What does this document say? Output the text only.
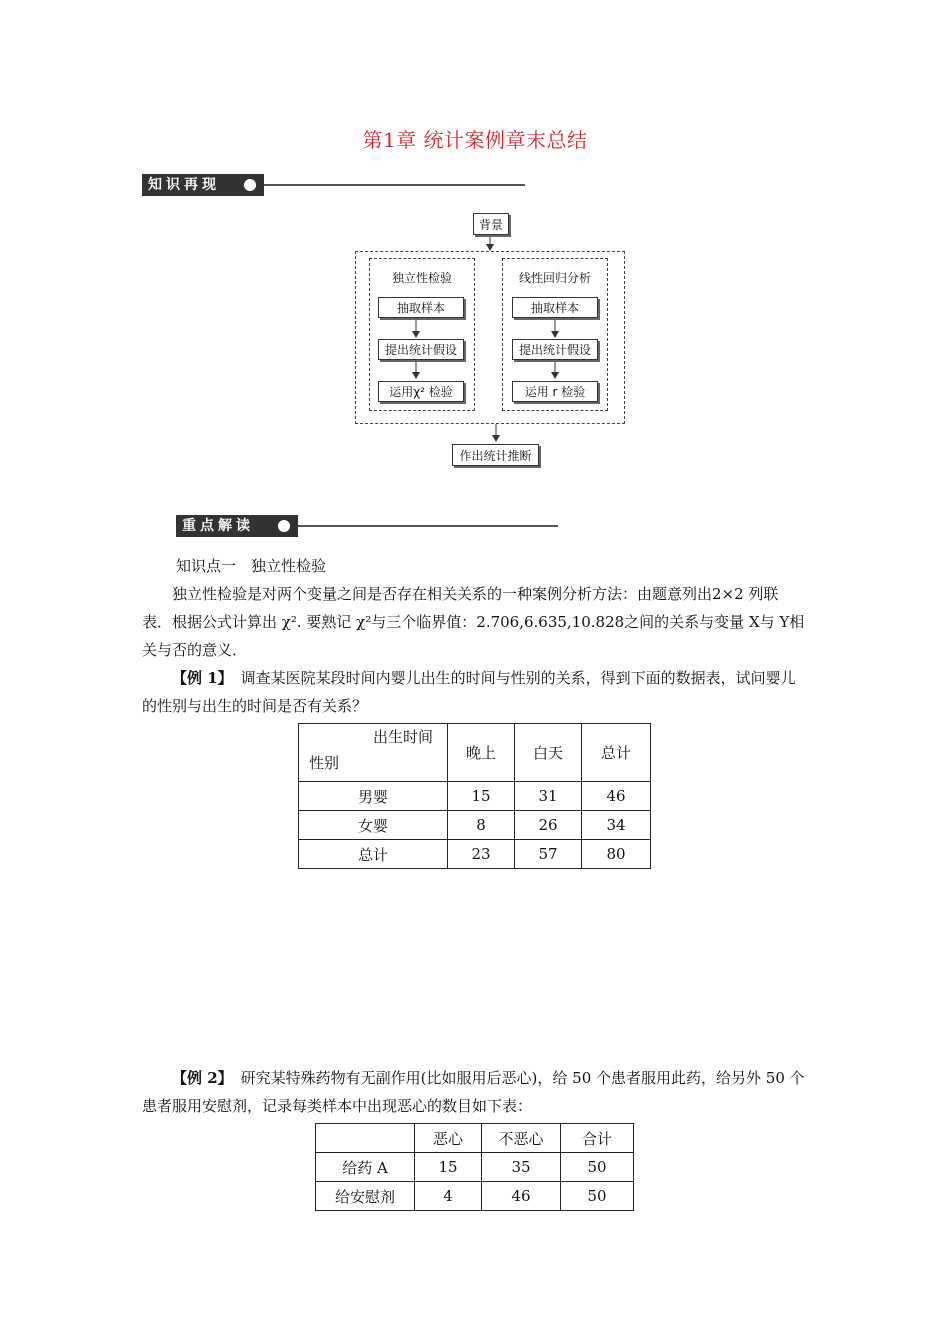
第1章 统计案例章末总结
知识再现
背景
独立性检验	线性回归分析
抽取样本
提出统计假设
运用χ² 检验
抽取样本
提出统计假设
运用 r 检验
作出统计推断
重点解读
知识点一　独立性检验
独立性检验是对两个变量之间是否存在相关关系的一种案例分析方法：由题意列出2×2 列联表．根据公式计算出 χ². 要熟记 χ²与三个临界值：2.706,6.635,10.828之间的关系与变量 X与 Y相关与否的意义．
【例 1】 调查某医院某段时间内婴儿出生的时间与性别的关系，得到下面的数据表，试问婴儿的性别与出生的时间是否有关系？
出生时间
性别	晚上	白天	总计
男婴	15	31	46
女婴	8	26	34
总计	23	57	80
【例 2】 研究某特殊药物有无副作用(比如服用后恶心)，给 50 个患者服用此药，给另外 50 个患者服用安慰剂，记录每类样本中出现恶心的数目如下表：
	恶心	不恶心	合计
给药 A	15	35	50
给安慰剂	4	46	50
